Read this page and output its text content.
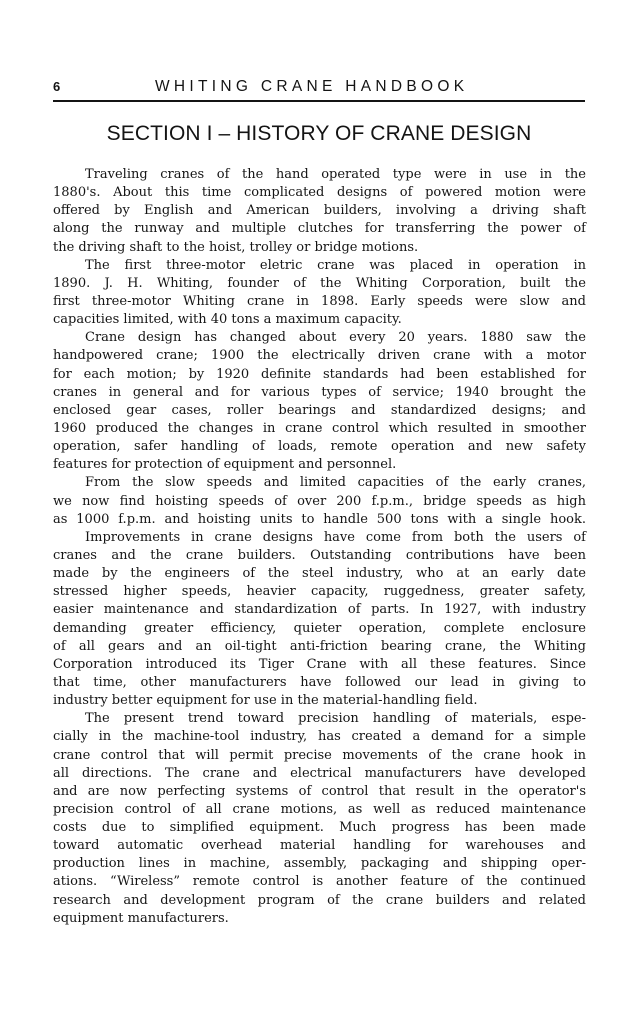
6	WHITING CRANE HANDBOOK
SECTION I – HISTORY OF CRANE DESIGN

Traveling cranes of the hand operated type were in use in the
1880's. About this time complicated designs of powered motion were
offered by English and American builders, involving a driving shaft
along the runway and multiple clutches for transferring the power of
the driving shaft to the hoist, trolley or bridge motions.

The first three-motor eletric crane was placed in operation in
1890. J. H. Whiting, founder of the Whiting Corporation, built the
first three-motor Whiting crane in 1898. Early speeds were slow and
capacities limited, with 40 tons a maximum capacity.

Crane design has changed about every 20 years. 1880 saw the
handpowered crane; 1900 the electrically driven crane with a motor
for each motion; by 1920 definite standards had been established for
cranes in general and for various types of service; 1940 brought the
enclosed gear cases, roller bearings and standardized designs; and
1960 produced the changes in crane control which resulted in smoother
operation, safer handling of loads, remote operation and new safety
features for protection of equipment and personnel.

From the slow speeds and limited capacities of the early cranes,
we now find hoisting speeds of over 200 f.p.m., bridge speeds as high
as 1000 f.p.m. and hoisting units to handle 500 tons with a single hook.

Improvements in crane designs have come from both the users of
cranes and the crane builders. Outstanding contributions have been
made by the engineers of the steel industry, who at an early date
stressed higher speeds, heavier capacity, ruggedness, greater safety,
easier maintenance and standardization of parts. In 1927, with industry
demanding greater efficiency, quieter operation, complete enclosure
of all gears and an oil-tight anti-friction bearing crane, the Whiting
Corporation introduced its Tiger Crane with all these features. Since
that time, other manufacturers have followed our lead in giving to
industry better equipment for use in the material-handling field.

The present trend toward precision handling of materials, espe-
cially in the machine-tool industry, has created a demand for a simple
crane control that will permit precise movements of the crane hook in
all directions. The crane and electrical manufacturers have developed
and are now perfecting systems of control that result in the operator's
precision control of all crane motions, as well as reduced maintenance
costs due to simplified equipment. Much progress has been made
toward automatic overhead material handling for warehouses and
production lines in machine, assembly, packaging and shipping oper-
ations. “Wireless” remote control is another feature of the continued
research and development program of the crane builders and related
equipment manufacturers.
